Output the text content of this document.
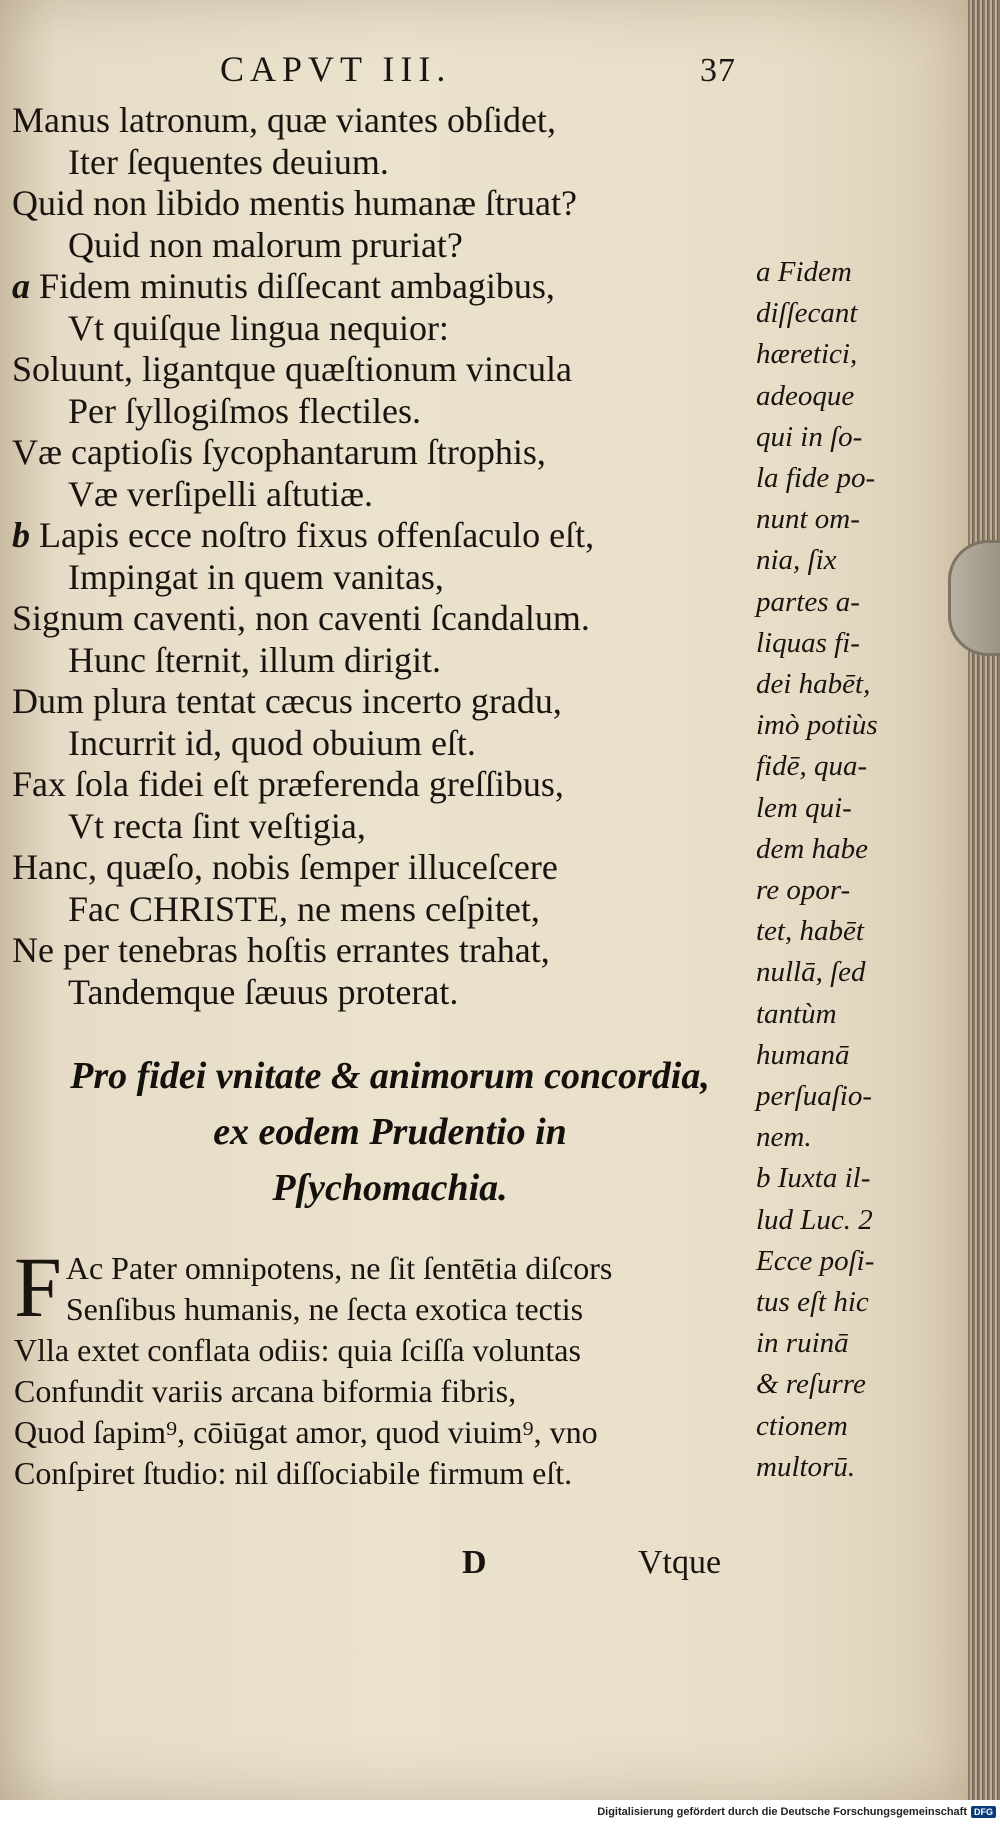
CAPVT III.	37
Manus latronum, quæ viantes obſidet,
Iter ſequentes deuium.
Quid non libido mentis humanæ ſtruat?
Quid non malorum pruriat?
a Fidem minutis diſſecant ambagibus,
Vt quiſque lingua nequior:
Soluunt, ligantque quæſtionum vincula
Per ſyllogiſmos flectiles.
Væ captioſis ſycophantarum ſtrophis,
Væ verſipelli aſtutiæ.
b Lapis ecce noſtro fixus offenſaculo eſt,
Impingat in quem vanitas,
Signum caventi, non caventi ſcandalum.
Hunc ſternit, illum dirigit.
Dum plura tentat cæcus incerto gradu,
Incurrit id, quod obuium eſt.
Fax ſola fidei eſt præferenda greſſibus,
Vt recta ſint veſtigia,
Hanc, quæſo, nobis ſemper illuceſcere
Fac CHRISTE, ne mens ceſpitet,
Ne per tenebras hoſtis errantes trahat,
Tandemque ſæuus proterat.
Pro fidei vnitate & animorum concordia,
ex eodem Prudentio in
Pſychomachia.
F Ac Pater omnipotens, ne ſit ſentētia diſcors
Senſibus humanis, ne ſecta exotica tectis
Vlla extet conflata odiis: quia ſciſſa voluntas
Confundit variis arcana biformia fibris,
Quod ſapim⁹, cōiūgat amor, quod viuim⁹, vno
Conſpiret ſtudio: nil diſſociabile firmum eſt.
D	Vtque
a Fidem
diſſecant
hæretici,
adeoque
qui in ſo-
la fide po-
nunt om-
nia, ſix
partes a-
liquas fi-
dei habēt,
imò potiùs
fidē, qua-
lem qui-
dem habe
re opor-
tet, habēt
nullā, ſed
tantùm
humanā
perſuaſio-
nem.
b Iuxta il-
lud Luc. 2
Ecce poſi-
tus eſt hic
in ruinā
& reſurre
ctionem
multorū.
Digitalisierung gefördert durch die Deutsche Forschungsgemeinschaft DFG
